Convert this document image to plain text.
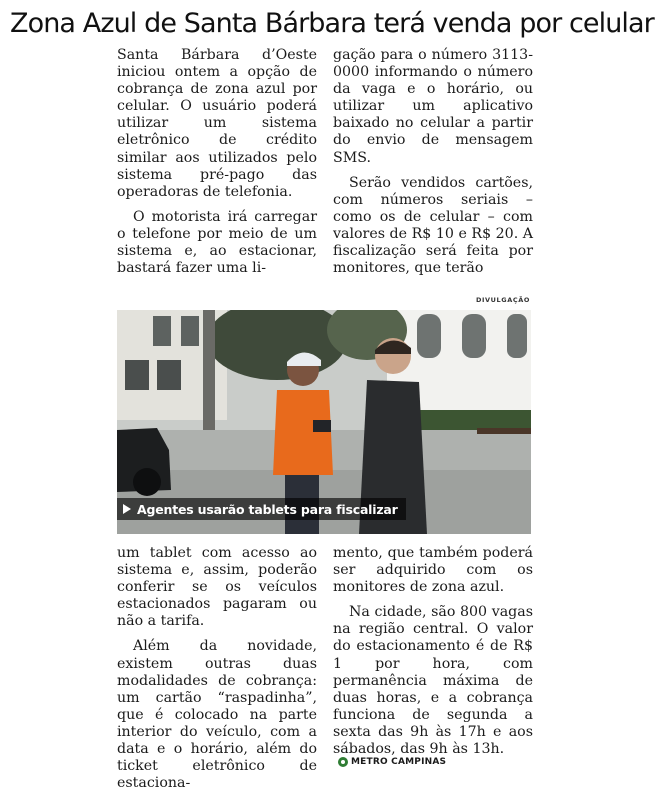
Zona Azul de Santa Bárbara terá venda por celular

Santa Bárbara d’Oeste iniciou ontem a opção de cobrança de zona azul por celular. O usuário poderá utilizar um sistema eletrônico de crédito similar aos utilizados pelo sistema pré-pago das operadoras de telefonia.

O motorista irá carregar o telefone por meio de um sistema e, ao estacionar, bastará fazer uma li-

gação para o número 3113-0000 informando o número da vaga e o horário, ou utilizar um aplicativo baixado no celular a partir do envio de mensagem SMS.

Serão vendidos cartões, com números seriais – como os de celular – com valores de R$ 10 e R$ 20. A fiscalização será feita por monitores, que terão

DIVULGAÇÃO
Agentes usarão tablets para fiscalizar

um tablet com acesso ao sistema e, assim, poderão conferir se os veículos estacionados pagaram ou não a tarifa.

Além da novidade, existem outras duas modalidades de cobrança: um cartão “raspadinha”, que é colocado na parte interior do veículo, com a data e o horário, além do ticket eletrônico de estaciona-

mento, que também poderá ser adquirido com os monitores de zona azul.

Na cidade, são 800 vagas na região central. O valor do estacionamento é de R$ 1 por hora, com permanência máxima de duas horas, e a cobrança funciona de segunda a sexta das 9h às 17h e aos sábados, das 9h às 13h.

METRO CAMPINAS
